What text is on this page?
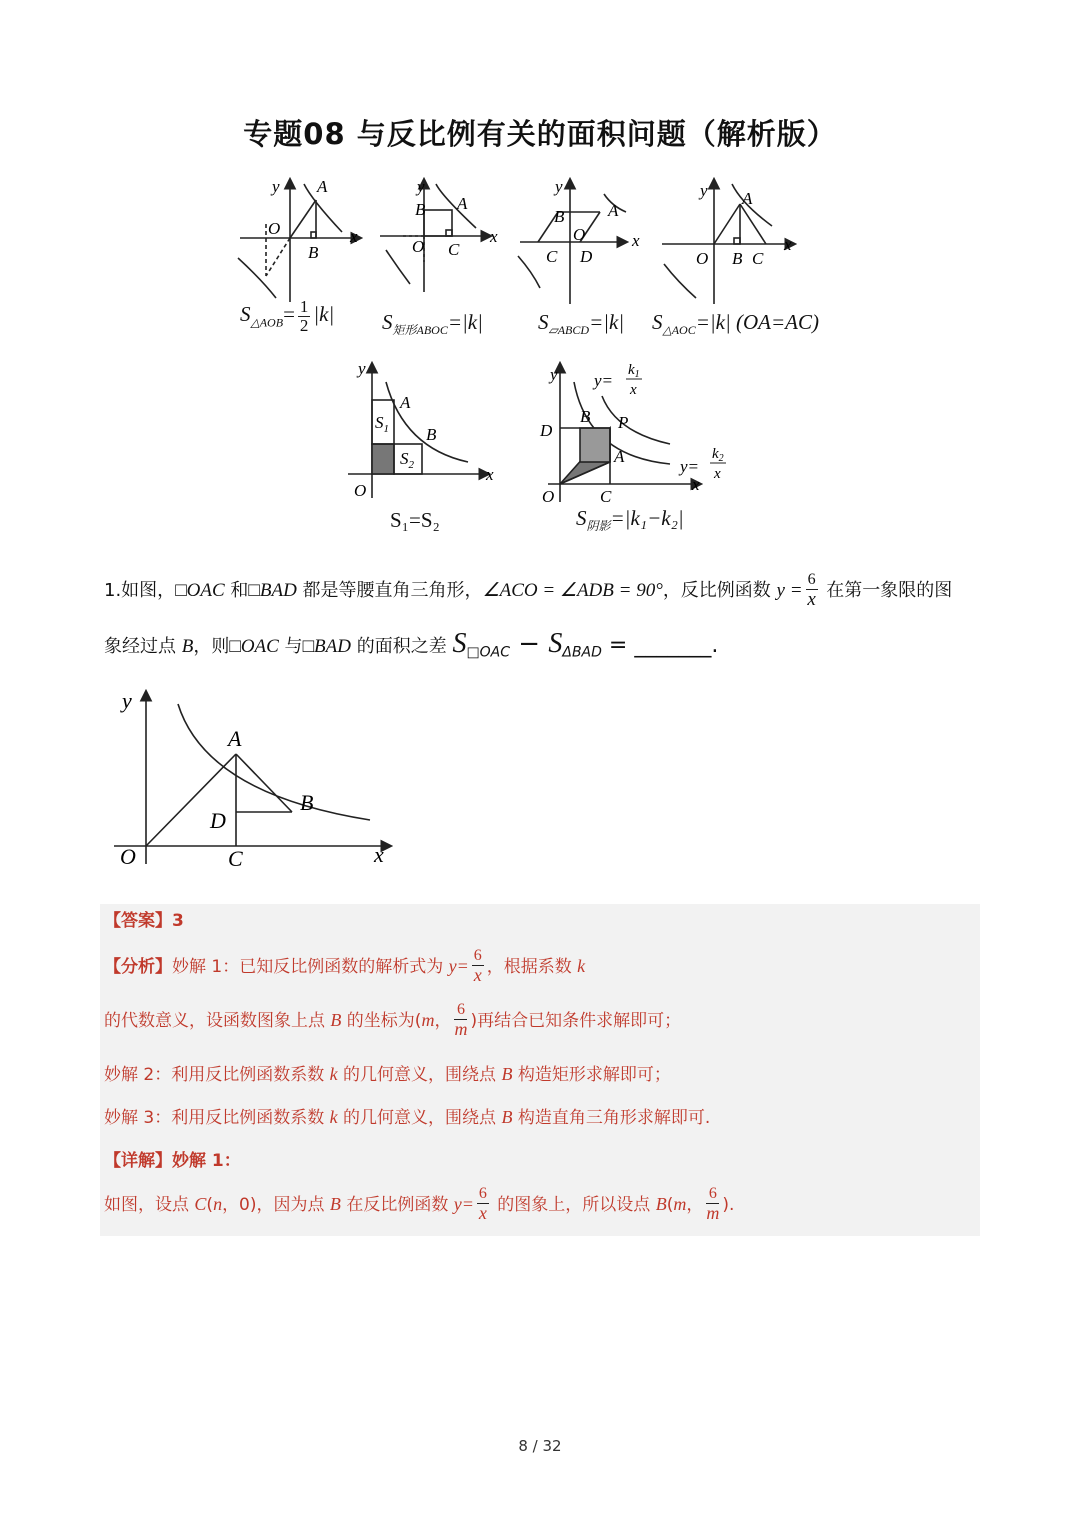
专题08 与反比例有关的面积问题（解析版）
y A
O
B
x
y
B A
O C
x
y
B	A
O
C D
x
y A
O B C
x
$S_{\triangle AOB}= \frac{1}{2} |k|$ $S_{矩形ABOC}=|k|$	$S_{▱ABCD}=|k|$ $S_{\triangle AOC}=|k|$ (OA=AC)
y
A
B
O
x
$S_1$
$S_2$
y y=
$k_1$
x
D
B P
A
O	C
x
y=
$k_2$
x
S₁=S₂	$S_{阴影}=|k_1-k_2|$
1.如图，□OAC 和□BAD 都是等腰直角三角形，∠ACO = ∠ADB = 90°，反比例函数 $y = \frac{6}{x}$ 在第一象限的图
象经过点 B，则□OAC 与□BAD 的面积之差 $S_{□OAC} - S_{\Delta BAD}$ = _______.
y
A
B
D
O	C	x
【答案】3
【分析】妙解 1：已知反比例函数的解析式为 $y= \frac{6}{x}$ ，根据系数 k
的代数意义，设函数图象上点 B 的坐标为(m， $\frac{6}{m}$ )再结合已知条件求解即可；
妙解 2：利用反比例函数系数 k 的几何意义，围绕点 B 构造矩形求解即可；
妙解 3：利用反比例函数系数 k 的几何意义，围绕点 B 构造直角三角形求解即可.
【详解】妙解 1：
如图，设点 C(n，0)，因为点 B 在反比例函数 $y= \frac{6}{x}$ 的图象上，所以设点 B(m， $\frac{6}{m}$ ).
8 / 32
